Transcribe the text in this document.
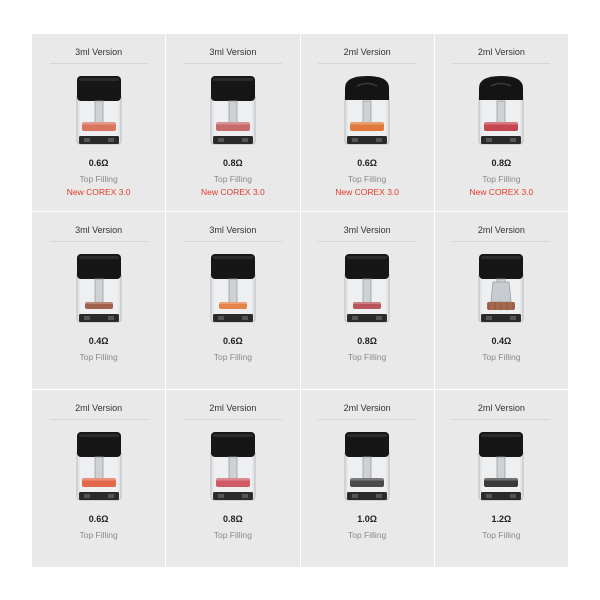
3ml Version
0.6Ω
Top Filling
New COREX 3.0
3ml Version
0.8Ω
Top Filling
New COREX 3.0
2ml Version
0.6Ω
Top Filling
New COREX 3.0
2ml Version
0.8Ω
Top Filling
New COREX 3.0
3ml Version
0.4Ω
Top Filling
3ml Version
0.6Ω
Top Filling
3ml Version
0.8Ω
Top Filling
2ml Version
0.4Ω
Top Filling
2ml Version
0.6Ω
Top Filling
2ml Version
0.8Ω
Top Filling
2ml Version
1.0Ω
Top Filling
2ml Version
1.2Ω
Top Filling
